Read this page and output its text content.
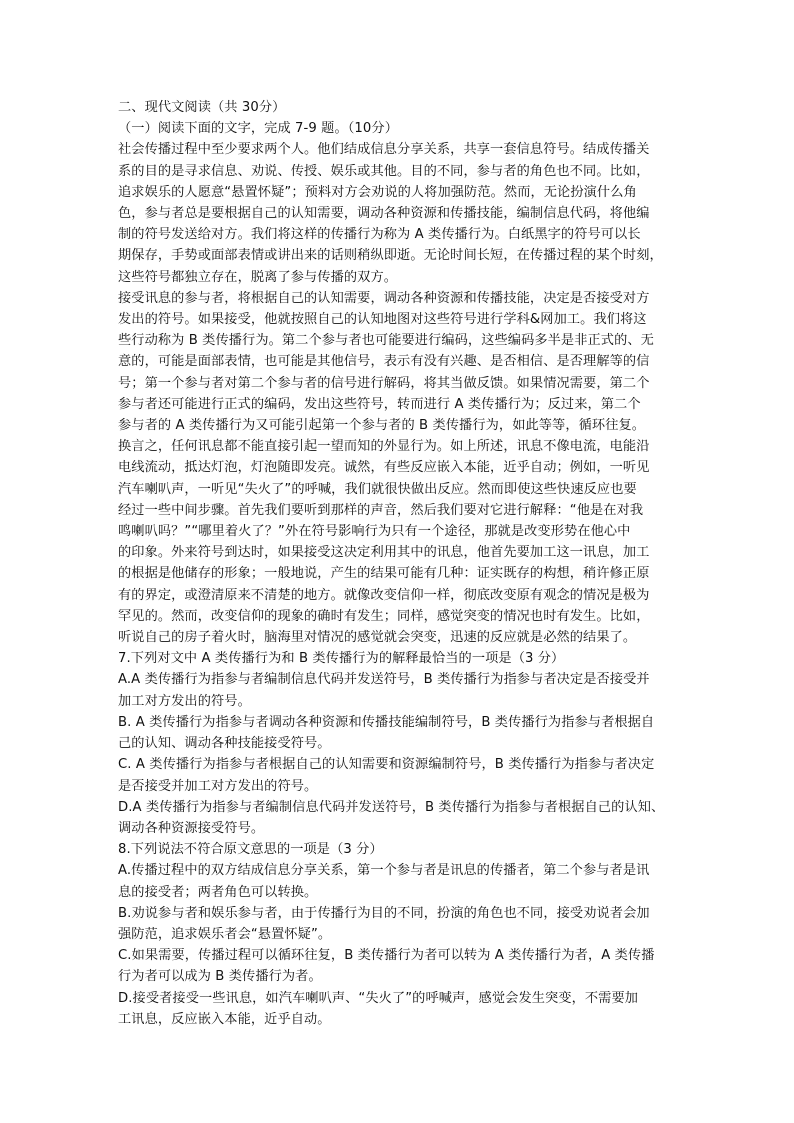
二、现代文阅读（共 30分）
（一）阅读下面的文字，完成 7-9 题。（10分）
社会传播过程中至少要求两个人。他们结成信息分享关系，共享一套信息符号。结成传播关
系的目的是寻求信息、劝说、传授、娱乐或其他。目的不同，参与者的角色也不同。比如，
追求娱乐的人愿意“悬置怀疑”；预料对方会劝说的人将加强防范。然而，无论扮演什么角
色，参与者总是要根据自己的认知需要，调动各种资源和传播技能，编制信息代码，将他编
制的符号发送给对方。我们将这样的传播行为称为 A 类传播行为。白纸黑字的符号可以长
期保存，手势或面部表情或讲出来的话则稍纵即逝。无论时间长短，在传播过程的某个时刻，
这些符号都独立存在，脱离了参与传播的双方。
接受讯息的参与者，将根据自己的认知需要，调动各种资源和传播技能，决定是否接受对方
发出的符号。如果接受，他就按照自己的认知地图对这些符号进行学科&网加工。我们将这
些行动称为 B 类传播行为。第二个参与者也可能要进行编码，这些编码多半是非正式的、无
意的，可能是面部表情，也可能是其他信号，表示有没有兴趣、是否相信、是否理解等的信
号；第一个参与者对第二个参与者的信号进行解码，将其当做反馈。如果情况需要，第二个
参与者还可能进行正式的编码，发出这些符号，转而进行 A 类传播行为；反过来，第二个
参与者的 A 类传播行为又可能引起第一个参与者的 B 类传播行为，如此等等，循环往复。
换言之，任何讯息都不能直接引起一望而知的外显行为。如上所述，讯息不像电流，电能沿
电线流动，抵达灯泡，灯泡随即发亮。诚然，有些反应嵌入本能，近乎自动；例如，一听见
汽车喇叭声，一听见“失火了”的呼喊，我们就很快做出反应。然而即使这些快速反应也要
经过一些中间步骤。首先我们要听到那样的声音，然后我们要对它进行解释：“他是在对我
鸣喇叭吗？”“哪里着火了？”外在符号影响行为只有一个途径，那就是改变形势在他心中
的印象。外来符号到达时，如果接受这决定利用其中的讯息，他首先要加工这一讯息，加工
的根据是他储存的形象；一般地说，产生的结果可能有几种：证实既存的构想，稍许修正原
有的界定，或澄清原来不清楚的地方。就像改变信仰一样，彻底改变原有观念的情况是极为
罕见的。然而，改变信仰的现象的确时有发生；同样，感觉突变的情况也时有发生。比如，
听说自己的房子着火时，脑海里对情况的感觉就会突变，迅速的反应就是必然的结果了。
7.下列对文中 A 类传播行为和 B 类传播行为的解释最恰当的一项是（3 分）
A.A 类传播行为指参与者编制信息代码并发送符号，B 类传播行为指参与者决定是否接受并
加工对方发出的符号。
B. A 类传播行为指参与者调动各种资源和传播技能编制符号，B 类传播行为指参与者根据自
己的认知、调动各种技能接受符号。
C. A 类传播行为指参与者根据自己的认知需要和资源编制符号，B 类传播行为指参与者决定
是否接受并加工对方发出的符号。
D.A 类传播行为指参与者编制信息代码并发送符号，B 类传播行为指参与者根据自己的认知、
调动各种资源接受符号。
8.下列说法不符合原文意思的一项是（3 分）
A.传播过程中的双方结成信息分享关系，第一个参与者是讯息的传播者，第二个参与者是讯
息的接受者；两者角色可以转换。
B.劝说参与者和娱乐参与者，由于传播行为目的不同，扮演的角色也不同，接受劝说者会加
强防范，追求娱乐者会“悬置怀疑”。
C.如果需要，传播过程可以循环往复，B 类传播行为者可以转为 A 类传播行为者，A 类传播
行为者可以成为 B 类传播行为者。
D.接受者接受一些讯息，如汽车喇叭声、“失火了”的呼喊声，感觉会发生突变，不需要加
工讯息，反应嵌入本能，近乎自动。
